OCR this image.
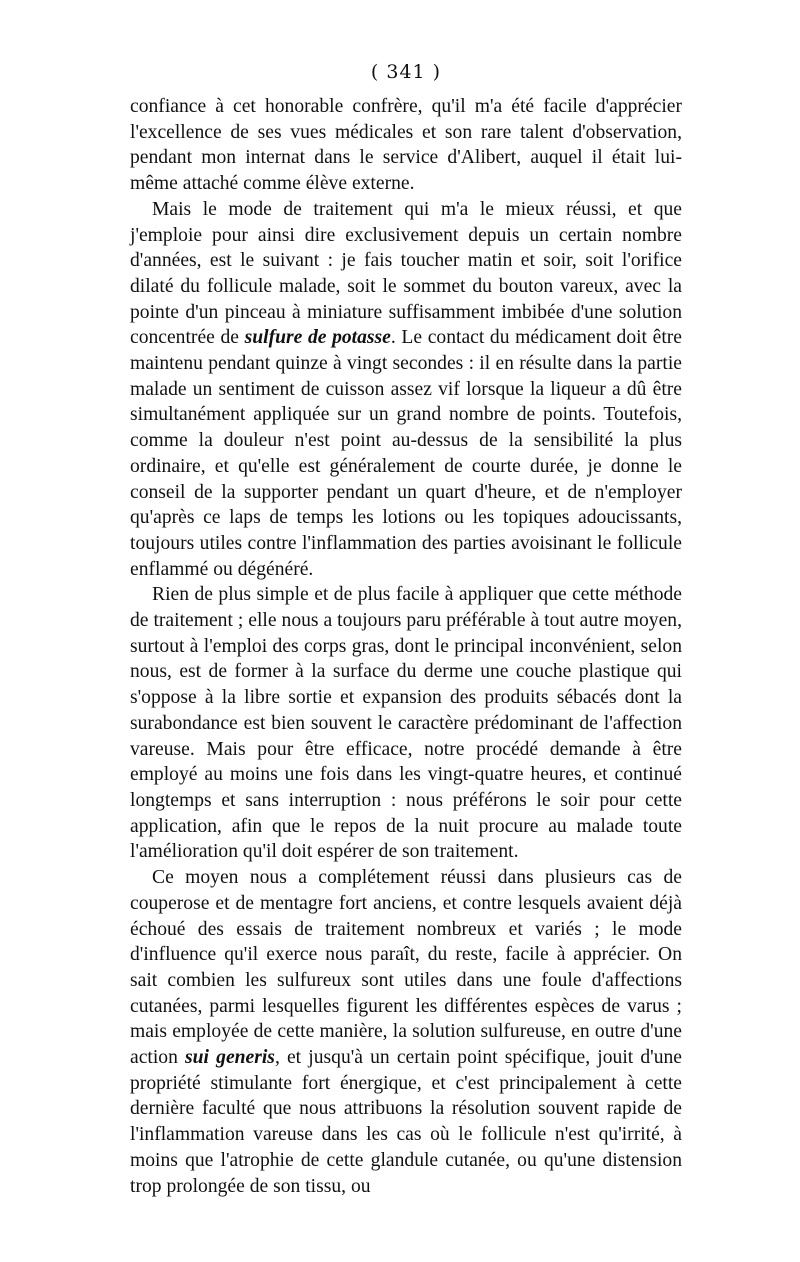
( 341 )

confiance à cet honorable confrère, qu'il m'a été facile d'apprécier l'excellence de ses vues médicales et son rare talent d'observation, pendant mon internat dans le service d'Alibert, auquel il était lui-même attaché comme élève externe.

Mais le mode de traitement qui m'a le mieux réussi, et que j'emploie pour ainsi dire exclusivement depuis un certain nombre d'années, est le suivant : je fais toucher matin et soir, soit l'orifice dilaté du follicule malade, soit le sommet du bouton vareux, avec la pointe d'un pinceau à miniature suffisamment imbibée d'une solution concentrée de sulfure de potasse. Le contact du médicament doit être maintenu pendant quinze à vingt secondes : il en résulte dans la partie malade un sentiment de cuisson assez vif lorsque la liqueur a dû être simultanément appliquée sur un grand nombre de points. Toutefois, comme la douleur n'est point au-dessus de la sensibilité la plus ordinaire, et qu'elle est généralement de courte durée, je donne le conseil de la supporter pendant un quart d'heure, et de n'employer qu'après ce laps de temps les lotions ou les topiques adoucissants, toujours utiles contre l'inflammation des parties avoisinant le follicule enflammé ou dégénéré.

Rien de plus simple et de plus facile à appliquer que cette méthode de traitement ; elle nous a toujours paru préférable à tout autre moyen, surtout à l'emploi des corps gras, dont le principal inconvénient, selon nous, est de former à la surface du derme une couche plastique qui s'oppose à la libre sortie et expansion des produits sébacés dont la surabondance est bien souvent le caractère prédominant de l'affection vareuse. Mais pour être efficace, notre procédé demande à être employé au moins une fois dans les vingt-quatre heures, et continué longtemps et sans interruption : nous préférons le soir pour cette application, afin que le repos de la nuit procure au malade toute l'amélioration qu'il doit espérer de son traitement.

Ce moyen nous a complétement réussi dans plusieurs cas de couperose et de mentagre fort anciens, et contre lesquels avaient déjà échoué des essais de traitement nombreux et variés ; le mode d'influence qu'il exerce nous paraît, du reste, facile à apprécier. On sait combien les sulfureux sont utiles dans une foule d'affections cutanées, parmi lesquelles figurent les différentes espèces de varus ; mais employée de cette manière, la solution sulfureuse, en outre d'une action sui generis, et jusqu'à un certain point spécifique, jouit d'une propriété stimulante fort énergique, et c'est principalement à cette dernière faculté que nous attribuons la résolution souvent rapide de l'inflammation vareuse dans les cas où le follicule n'est qu'irrité, à moins que l'atrophie de cette glandule cutanée, ou qu'une distension trop prolongée de son tissu, ou
